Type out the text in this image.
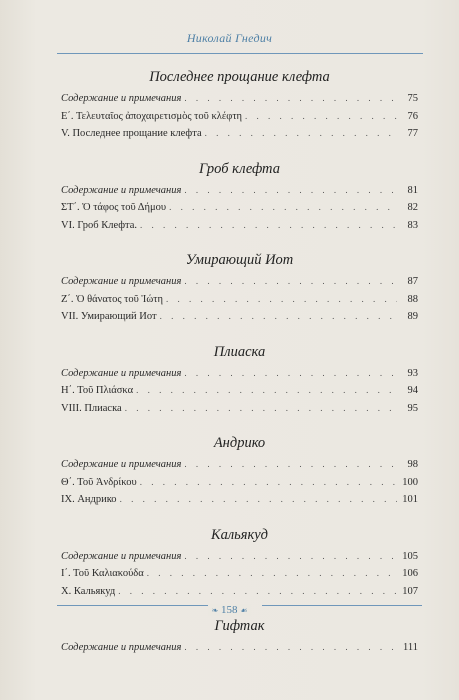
Николай Гнедич
Последнее прощание клефта
Содержание и примечания . . .	75
Ε΄. Τελευταῖος ἀποχαιρετισμὸς τοῦ κλέφτη . . .	76
V. Последнее прощание клефта . . .	77
Гроб клефта
Содержание и примечания . . .	81
ΣΤ΄. Ὁ τάφος τοῦ Δήμου . . .	82
VI. Гроб Клефта. . . .	83
Умирающий Иот
Содержание и примечания . . .	87
Ζ΄. Ὁ θάνατος τοῦ Ἰώτη . . .	88
VII. Умирающий Иот . . .	89
Плиаска
Содержание и примечания . . .	93
Η΄. Τοῦ Πλιάσκα . . .	94
VIII. Плиаска . . .	95
Андрико
Содержание и примечания . . .	98
Θ΄. Τοῦ Ἀνδρίκου . . .	100
IX. Андрико . . .	101
Кальякуд
Содержание и примечания . . .	105
Ι΄. Τοῦ Καλιακούδα . . .	106
X. Кальякуд . . .	107
Гифтак
Содержание и примечания . . .	111
❧ 158 ☙
